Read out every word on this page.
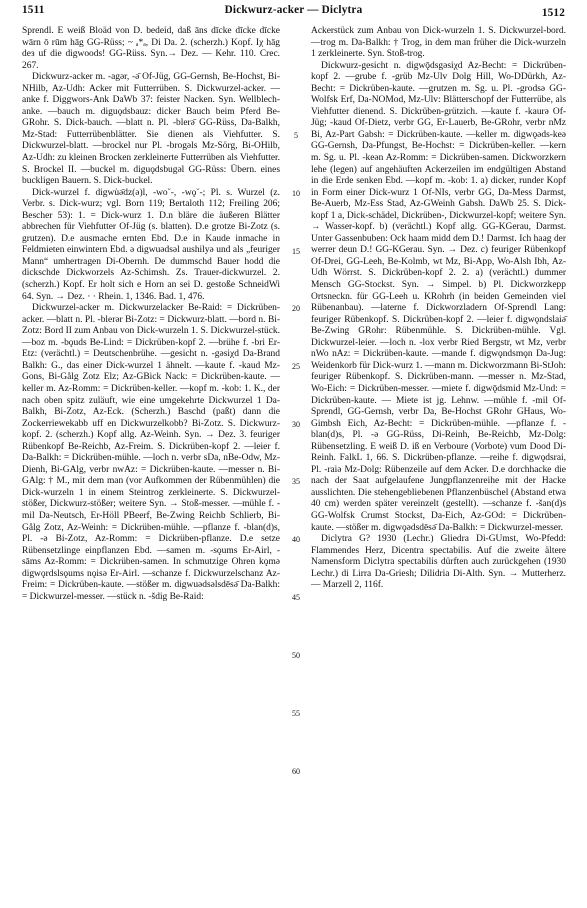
1511	Dickwurz-acker — Diclytra	1512

Sprendl. E weiß Bloäd von D. bedeid, daß ānѕ dīcke dīcke dīcke wārn ō rūm hāg GG-Rüss; ~ ₐ*ₐ, Di Da. 2. (scherzh.) Kopf. Iχ hāg deз uf die digwoods! GG-Rüss. Syn.→ Dez. — Kehr. 110. Crec. 267.

Dickwurz-acker m. -agǝr, -ǝ̄ Of-Jüg, GG-Gernsh, Be-Hochst, Bi-NHilb, Az-Udh: Acker mit Futterrüben. S. Dickwurzel-acker. —anke f. Diggwors-Ank DaWb 37: feister Nacken. Syn. Wellblech-anke. —bauch m. diguǫdsbauz: dicker Bauch beim Pferd Be-GRohr. S. Dick-bauch. —blatt n. Pl. -blerǝ̄ GG-Rüss, Da-Balkh, Mz-Stad: Futterrübenblätter. Sie dienen als Viehfutter. S. Dickwurzel-blatt. —brockel nur Pl. -brogǝls Mz-Sörg, Bi-OHilb, Az-Udh: zu kleinen Brocken zerkleinerte Futterrüben als Viehfutter. S. Brockel II. —buckel m. diguǫdsbugǝl GG-Rüss: Übern. eines buckligen Bauern. S. Dick-buckel.

Dick-wurzel f. digwu̇ǝ̄dz(ǝ)l, -wo˘-, -wǫ˘-; Pl. s. Wurzel (z. Verbr. s. Dick-wurz; vgl. Born 119; Bertaloth 112; Freiling 206; Bescher 53): 1. = Dick-wurz 1. D.n blärе die äußeren Blätter abbrechen für Viehfutter Of-Jüg (s. blatten). D.e grotze Bi-Zotz (s. grutzen). D.e ausmache ernten Ebd. D.e in Kaude inmache in Feldmieten einwintern Ebd. ǝ digwuǝdsǝl aushilyǝ und als „feuriger Mann“ umhertragen Di-Obernh. De dummschd Bauer hodd die dickschde Dickworzels Az-Schimsh. Zs. Trauer-dickwurzel. 2. (scherzh.) Kopf. Er holt sich e Horn an sei D. gestoße SchneidWi 64. Syn. → Dez. · · Rhein. 1, 1346. Bad. 1, 476.

Dickwurzel-acker m. Dickwurzelacker Be-Raid: = Dickrüben-acker. —blatt n. Pl. -blerǝr Bi-Zotz: = Dickwurz-blatt. —bord n. Bi-Zotz: Bord II zum Anbau von Dick-wurzeln 1. S. Dickwurzel-stück. —boz m. -bǫuds Be-Lind: = Dickrüben-kopf 2. —brühe f. -bri Er-Etz: (verächtl.) = Deutschenbrühe. —gesicht n. -gǝsiχd Da-Brand Balkh: G., das einer Dick-wurzel 1 ähnelt. —kaute f. -kaud Mz-Gons, Bi-Gålg Zotz Elz; Az-GBick Nack: = Dickrüben-kaute. —keller m. Az-Romm: = Dickrüben-keller. —kopf m. -kob: 1. K., der nach oben spitz zuläuft, wie eine umgekehrte Dickwurzel 1 Da-Balkh, Bi-Zotz, Az-Eck. (Scherzh.) Baschd (paßt) dann die Zockerriewekabb uff en Dickwurzelkobb? Bi-Zotz. S. Dickwurz-kopf. 2. (scherzh.) Kopf allg. Az-Weinh. Syn. → Dez. 3. feuriger Rübenkopf Be-Reichb, Az-Freim. S. Dickrüben-kopf 2. —leier f. Da-Balkh: = Dickrüben-mühle. —loch n. verbr sDa, nBe-Odw, Mz-Dienh, Bi-GAlg, verbr nwAz: = Dickrüben-kaute. —messer n. Bi-GAlg: † M., mit dem man (vor Aufkommen der Rübenmühlen) die Dick-wurzeln 1 in einem Steintrog zerkleinerte. S. Dickwurzel-stößer, Dickwurz-stößer; weitere Syn. → Stoß-messer. —mühle f. -mil Da-Neutsch, Er-Höll PBeerf, Be-Zwing Reichb Schlierb, Bi-Gålg Zotz, Az-Weinh: = Dickrüben-mühle. —pflanze f. -blan(d)s, Pl. -ǝ Bi-Zotz, Az-Romm: = Dickrüben-pflanze. D.e setze Rübensetzlinge einpflanzen Ebd. —samen m. -sǫums Er-Airl, -sāms Az-Romm: = Dickrüben-samen. In schmutzige Ohren kǫmǝ digwǫrdslsǫums nǫisǝ Er-Airl. —schanze f. Dickwurzelschanz Az-Freim: = Dickrüben-kaute. —stößer m. digwuǝdsǝlsdēsǝ̄ Da-Balkh: = Dickwurzel-messer. —stück n. -šdig Be-Raid:

5
10
15
20
25
30
35
40
45
50
55
60

Ackerstück zum Anbau von Dick-wurzeln 1. S. Dickwurzel-bord. —trog m. Da-Balkh: † Trog, in dem man früher die Dick-wurzeln 1 zerkleinerte. Syn. Stoß-trog.

Dickwurz-gesicht n. digwǭdsgǝsiχd Az-Becht: = Dickrüben-kopf 2. —grube f. -grüb Mz-Ulv Dolg Hill, Wo-DDürkh, Az-Becht: = Dickrüben-kaute. —grutzen m. Sg. u. Pl. -grodsǝ GG-Wolfsk Erf, Da-NOMod, Mz-Ulv: Blätterschopf der Futterrübe, als Viehfutter dienend. S. Dickrüben-grützich. —kaute f. -kaurǝ Of-Jüg; -kaud Of-Dietz, verbr GG, Er-Lauerb, Be-GRohr, verbr nMz Bi, Az-Part Gabsh: = Dickrüben-kaute. —keller m. digwǫǝds-keǝ GG-Gernsh, Da-Pfungst, Be-Hochst: = Dickrüben-keller. —kern m. Sg. u. Pl. -keǝn Az-Romm: = Dickrüben-samen. Dickworzkern lehe (legen) auf angehäuften Ackerzeilen im endgültigen Abstand in die Erde senken Ebd. —kopf m. -kob: 1. a) dicker, runder Kopf in Form einer Dick-wurz 1 Of-NIs, verbr GG, Da-Mess Darmst, Be-Auerb, Mz-Ess Stad, Az-GWeinh Gabsh. DaWb 25. S. Dick-kopf 1 a, Dick-schädel, Dickrüben-, Dickwurzel-kopf; weitere Syn. → Wasser-kopf. b) (verächtl.) Kopf allg. GG-KGerau, Darmst. Unter Gassenbuben: Ock haam midd dem D.! Darmst. Ich haag der werrer deun D.! GG-KGerau. Syn. → Dez. c) feuriger Rübenkopf Of-Drei, GG-Leeh, Be-Kolmb, wt Mz, Bi-App, Wo-Alsh Ibh, Az-Udh Wörrst. S. Dickrüben-kopf 2. 2. a) (verächtl.) dummer Mensch GG-Stockst. Syn. → Simpel. b) Pl. Dickworzkepp Ortsneckn. für GG-Leeh u. KRohrh (in beiden Gemeinden viel Rübenanbau). —laterne f. Dickworzladern Of-Sprendl Lang: feuriger Rübenkopf. S. Dickrüben-kopf 2. —leier f. digwǫndslaiǝ̄ Be-Zwing GRohr: Rübenmühle. S. Dickrüben-mühle. Vgl. Dickwurzel-leier. —loch n. -lox verbr Ried Bergstr, wt Mz, verbr nWo nAz: = Dickrüben-kaute. —mande f. digwǫndsmǫn Da-Jug: Weidenkorb für Dick-wurz 1. —mann m. Dickworzmann Bi-StJoh: feuriger Rübenkopf. S. Dickrüben-mann. —messer n. Mz-Stad, Wo-Eich: = Dickrüben-messer. —miete f. digwǭdsmid Mz-Und: = Dickrüben-kaute. — Miete ist jg. Lehnw. —mühle f. -mil Of-Sprendl, GG-Gernsh, verbr Da, Be-Hochst GRohr GHaus, Wo-Gimbsh Eich, Az-Becht: = Dickrüben-mühle. —pflanze f. -blan(d)s, Pl. -ǝ GG-Rüss, Di-Reinh, Be-Reichb, Mz-Dolg: Rübensetzling. E weiß D. iß en Verboure (Vorbote) vum Dood Di-Reinh. FalkL 1, 66. S. Dickrüben-pflanze. —reihe f. digwǫdsrai, Pl. -raiǝ Mz-Dolg: Rübenzeile auf dem Acker. D.e dorchhacke die nach der Saat aufgelaufene Jungpflanzenreihe mit der Hacke ausslichten. Die stehengebliebenen Pflanzenbüschel (Abstand etwa 40 cm) werden später vereinzelt (gestellt). —schanze f. -šan(d)s GG-Wolfsk Crumst Stockst, Da-Eich, Az-GOd: = Dickrüben-kaute. —stößer m. digwǫǝdsdēsǝ̄ Da-Balkh: = Dickwurzel-messer.

Diclytra G? 1930 (Lechr.) Gliedra Di-GUmst, Wo-Pfedd: Flammendes Herz, Dicentra spectabilis. Auf die zweite ältere Namensform Diclytra spectabilis dürften auch zurückgehen (1930 Lechr.) di Lirra Da-Griesh; Dilidria Di-Alth. Syn. → Mutterherz. — Marzell 2, 116f.
